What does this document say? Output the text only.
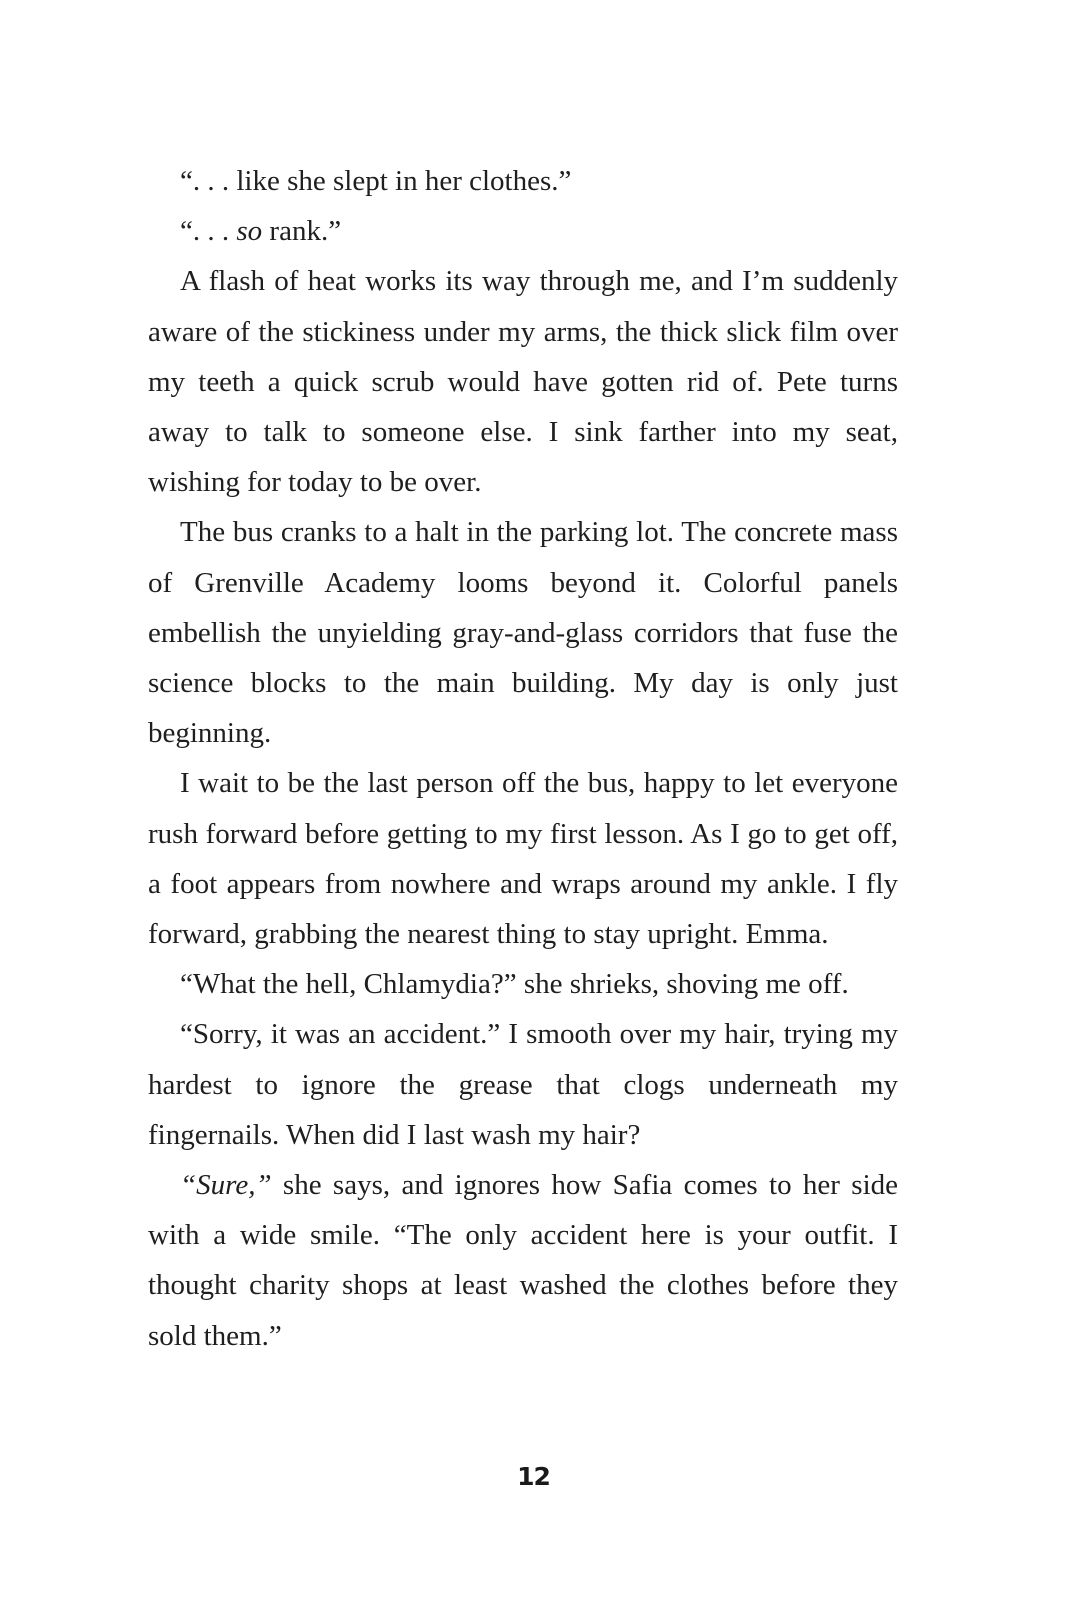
“. . . like she slept in her clothes.”

“. . . so rank.”

A flash of heat works its way through me, and I’m suddenly aware of the stickiness under my arms, the thick slick film over my teeth a quick scrub would have gotten rid of. Pete turns away to talk to someone else. I sink farther into my seat, wishing for today to be over.

The bus cranks to a halt in the parking lot. The concrete mass of Grenville Academy looms beyond it. Colorful panels embellish the unyielding gray-and-glass corridors that fuse the science blocks to the main building. My day is only just beginning.

I wait to be the last person off the bus, happy to let everyone rush forward before getting to my first lesson. As I go to get off, a foot appears from nowhere and wraps around my ankle. I fly forward, grabbing the nearest thing to stay upright. Emma.

“What the hell, Chlamydia?” she shrieks, shoving me off.

“Sorry, it was an accident.” I smooth over my hair, trying my hardest to ignore the grease that clogs underneath my fingernails. When did I last wash my hair?

“Sure,” she says, and ignores how Safia comes to her side with a wide smile. “The only accident here is your outfit. I thought charity shops at least washed the clothes before they sold them.”

12
